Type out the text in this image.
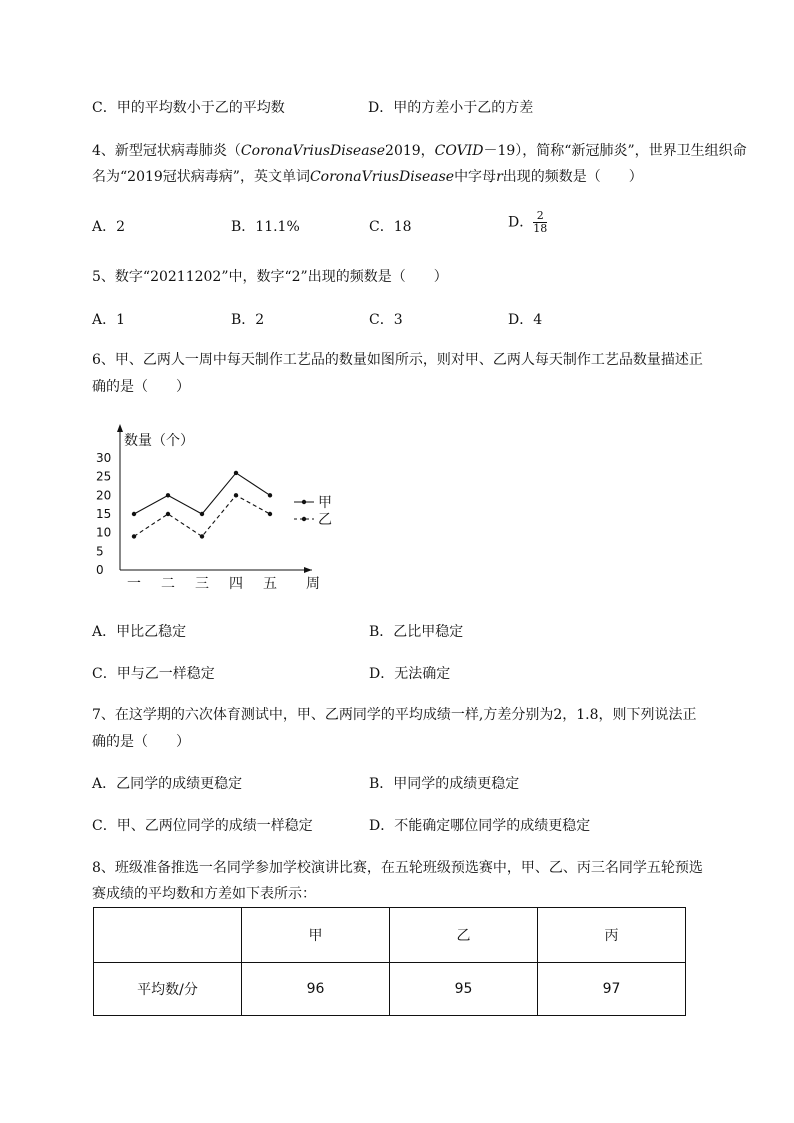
C．甲的平均数小于乙的平均数	D．甲的方差小于乙的方差
4、新型冠状病毒肺炎（CoronaVriusDisease2019，COVID－19），简称“新冠肺炎”，世界卫生组织命
名为“2019冠状病毒病”，英文单词CoronaVriusDisease中字母r出现的频数是（　　）
A．2	B．11.1%	C．18	D． $\frac{2}{18}$
5、数字“20211202”中，数字“2”出现的频数是（　　）
A．1	B．2	C．3	D．4
6、甲、乙两人一周中每天制作工艺品的数量如图所示，则对甲、乙两人每天制作工艺品数量描述正
确的是（　　）
数量（个）
周
0
5
10
15
20
25
30
一 二 三 四 五
甲
乙
A．甲比乙稳定	B．乙比甲稳定
C．甲与乙一样稳定	D．无法确定
7、在这学期的六次体育测试中，甲、乙两同学的平均成绩一样,方差分别为2，1.8，则下列说法正
确的是（　　）
A．乙同学的成绩更稳定	B．甲同学的成绩更稳定
C．甲、乙两位同学的成绩一样稳定	D．不能确定哪位同学的成绩更稳定
8、班级准备推选一名同学参加学校演讲比赛，在五轮班级预选赛中，甲、乙、丙三名同学五轮预选
赛成绩的平均数和方差如下表所示：
	甲	乙	丙
平均数/分	96	95	97
